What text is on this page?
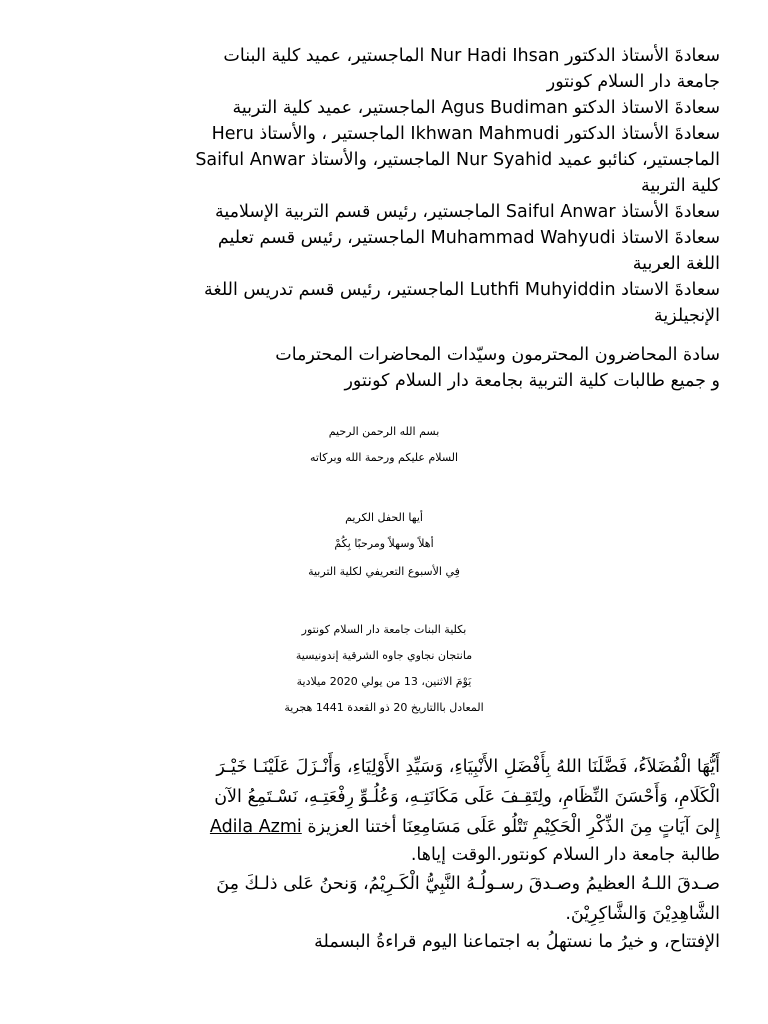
سعادةَ الأستاذ الدكتور Nur Hadi Ihsan الماجستير، عميد كلية البنات
جامعة دار السلام كونتور
سعادةَ الاستاذ الدكتو Agus Budiman الماجستير، عميد كلية التربية
سعادةَ الأستاذ الدكتور Ikhwan Mahmudi الماجستير ، والأستاذ Heru
Saiful Anwar الماجستير، والأستاذ Nur Syahid الماجستير، كنائبو عميد
كلية التربية
سعادةَ الأستاذ Saiful Anwar الماجستير، رئيس قسم التربية الإسلامية
سعادةَ الاستاذ Muhammad Wahyudi الماجستير، رئيس قسم تعليم
اللغة العربية
سعادةَ الاستاد Luthfi Muhyiddin الماجستير، رئيس قسم تدريس اللغة
الإنجيلزية
سادة المحاضرون المحترمون وسيّدات المحاضرات المحترمات
و جميع طالبات كلية التربية بجامعة دار السلام كونتور
بسم الله الرحمن الرحيم
السلام عليكم ورحمة الله وبركاته
أيها الحفل الكريم
أهلاً وسهلاً ومرحبًا بِكُمْ
فِي الأسبوع التعريفي لكلية التربية
بكلية البنات جامعة دار السلام كونتور
مانتجان نجاوي جاوه الشرقية إندونيسية
يَوْمَ الاثنين، 13 من يولي 2020 ميلادية
المعادل باالتاريخ 20 ذو القعدة 1441 هجرية
أَيُّهَا الْفُضَلاَءُ، فَضَّلَنَا اللهُ بِأَفْضَلِ الأَنْبِيَاءِ، وَسَيِّدِ الأَوْلِيَاءِ، وَأَنْـزَلَ عَلَيْنَـا خَيْـرَ
الْكَلَامِ، وَأَحْسَنَ النِّظَامِ، ولِتَقِـفَ عَلَى مَكَانَتِـهِ، وَعُلُـوِّ رِفْعَتِـهِ، نَسْـتَمِعُ الآن
إِلىَ آيَاتٍ مِنَ الذِّكْرِ الْحَكِيْمِ تَتْلُو عَلَى مَسَامِعِنَا أختنا العزيزة Adila Azmi
طالبة جامعة دار السلام كونتور.الوقت إياها.
صـدقَ اللـهُ العظيمُ وصـدقَ رسـولُـهُ النَّبِيُّ الْكَـرِيْمُ، وَنحنُ عَلى ذلـكَ مِنَ
الشَّاهِدِيْنَ وَالشَّاكِرِيْنَ.
الإفتتاح، و خيرُ ما نستهلُ به اجتماعنا اليوم قراءةُ البسملة
